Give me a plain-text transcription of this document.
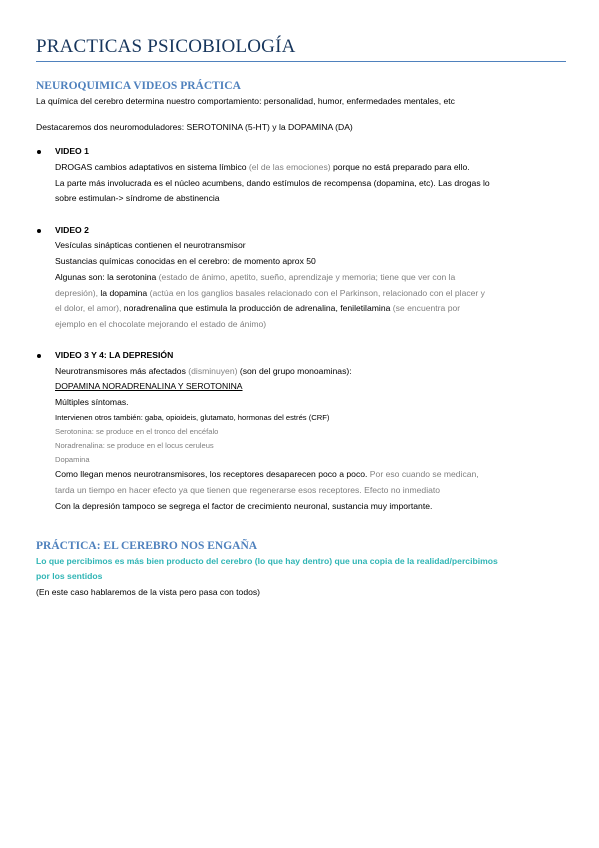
PRACTICAS PSICOBIOLOGÍA
NEUROQUIMICA VIDEOS PRÁCTICA
La química del cerebro determina nuestro comportamiento: personalidad, humor, enfermedades mentales, etc
Destacaremos dos neuromoduladores: SEROTONINA (5-HT) y la DOPAMINA (DA)
VIDEO 1
DROGAS cambios adaptativos en sistema límbico (el de las emociones) porque no está preparado para ello.
La parte más involucrada es el núcleo acumbens, dando estímulos de recompensa (dopamina, etc). Las drogas lo
sobre estimulan-> síndrome de abstinencia
VIDEO 2
Vesículas sinápticas contienen el neurotransmisor
Sustancias químicas conocidas en el cerebro: de momento aprox 50
Algunas son: la serotonina (estado de ánimo, apetito, sueño, aprendizaje y memoria; tiene que ver con la
depresión), la dopamina (actúa en los ganglios basales relacionado con el Parkinson, relacionado con el placer y
el dolor, el amor), noradrenalina que estimula la producción de adrenalina, feniletilamina (se encuentra por
ejemplo en el chocolate mejorando el estado de ánimo)
VIDEO 3 Y 4: LA DEPRESIÓN
Neurotransmisores más afectados (disminuyen) (son del grupo monoaminas):
DOPAMINA NORADRENALINA Y SEROTONINA
Múltiples síntomas.
Intervienen otros también: gaba, opioideis, glutamato, hormonas del estrés (CRF)
Serotonina: se produce en el tronco del encéfalo
Noradrenalina: se produce en el locus ceruleus
Dopamina
Como llegan menos neurotransmisores, los receptores desaparecen poco a poco. Por eso cuando se medican,
tarda un tiempo en hacer efecto ya que tienen que regenerarse esos receptores. Efecto no inmediato
Con la depresión tampoco se segrega el factor de crecimiento neuronal, sustancia muy importante.
PRÁCTICA: EL CEREBRO NOS ENGAÑA
Lo que percibimos es más bien producto del cerebro (lo que hay dentro) que una copia de la realidad/percibimos
por los sentidos
(En este caso hablaremos de la vista pero pasa con todos)
